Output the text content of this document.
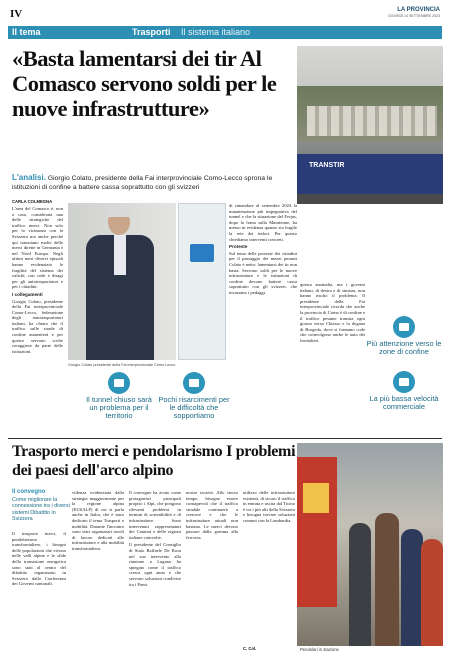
LA PROVINCIA
GIOVEDÌ 14 SETTEMBRE 2023
IV
Il tema	Trasporti Il sistema italiano
«Basta lamentarsi dei tir Al Comasco servono soldi per le nuove infrastrutture»
L'analisi. Giorgio Colato, presidente della Fai interprovinciale Como-Lecco sprona le istituzioni di confine a battere cassa soprattutto con gli svizzeri
TRANSTIR
CARLA COLMEGNA

L'area del Comasco è, non a caso, considerata una delle strategiche del traffico merci. Non solo per la vicinanza con la Svizzera ma anche perché qui transitano molte delle merci dirette in Germania e nel Nord Europa. Negli ultimi mesi diversi episodi hanno evidenziato le fragilità del sistema dei valichi, con code e disagi per gli autotrasportatori e per i cittadini.

I collegamenti

Giorgio Colato, presidente della Fai interprovinciale Como-Lecco, federazione degli autotrasportatori italiani, ha chiaro che il traffico sulle strade di confine aumenterà e per questo servono scelte coraggiose da parte delle istituzioni.

Giorgio Colato presidente della Fai interprovinciale Como Lecco

di rimandare al settembre 2024 la manutenzione più impegnativa del tunnel e che la situazione del Frejus, dopo la frana sulla Maurienne, ha messo in evidenza quanto sia fragile la rete dei trafori. Per questo chiediamo interventi concreti.

Proteste

Sul tema delle proteste dei cittadini per il passaggio dei mezzi pesanti Colato è netto: lamentarsi dei tir non basta. Servono soldi per le nuove infrastrutture e le istituzioni di confine devono battere cassa soprattutto con gli svizzeri, che incassano i pedaggi.

questa anomalia, ma i governi italiani, di destra e di sinistra, non hanno risolto il problema. Il presidente della Fai interprovinciale ricorda che anche la provincia di Como è di confine e il traffico pesante transita ogni giorno verso Chiasso e la dogana di Brogeda, dove si formano code che coinvolgono anche le auto dei frontalieri.

Il tunnel chiuso sarà un problema per il territorio
Pochi risarcimenti per le difficoltà che sopportiamo
Più attenzione verso le zone di confine
La più bassa velocità commerciale
Trasporto merci e pendolarismo I problemi dei paesi dell'arco alpino
Il convegno
Come migliorare la connessione tra i diversi sistemi Dibattito in Svizzera

Il trasporto merci, il pendolarismo transfrontaliero, i bisogni delle popolazioni che vivono nelle valli alpine e le sfide della transizione energetica sono stati al centro del dibattito organizzato in Svizzera dalla Conferenza dei Governi cantonali.

videnza evidenziata dalla strategia maggiormente per la regione alpina (EUSALP) di cui si parla anche in Italia, che è stato dedicato il tema Trasporti e mobilità. Durante l'incontro sono stati organizzati tavoli di lavoro dedicati alle infrastrutture e alla mobilità transfrontaliera.

Il convegno ha avuto come protagonisti principali proprio i Alpi, che pongono rilevanti problemi in termini di sostenibilità e di infrastrutture. Sono intervenuti rappresentanti dei Cantoni e delle regioni italiane coinvolte.

Il presidente del Consiglio di Stato Raffaele De Rosa nel suo intervento alla riunione a Lugano ha spiegato come il traffico cresca ogni anno e che servono soluzioni condivise tra i Paesi.

nostre società. Allo stesso tempo, bisogna essere consapevoli che il traffico stradale continuerà a crescere e che le infrastrutture attuali non bastano. Le merci devono passare dalla gomma alla ferrovia.

utilizzo delle infrastrutture esistenti, di sicuro il traffico in entrata e uscita dal Ticino è tra i più alti della Svizzera e bisogna trovare soluzioni comuni con la Lombardia.

C. Col.	Pendolari in stazione
